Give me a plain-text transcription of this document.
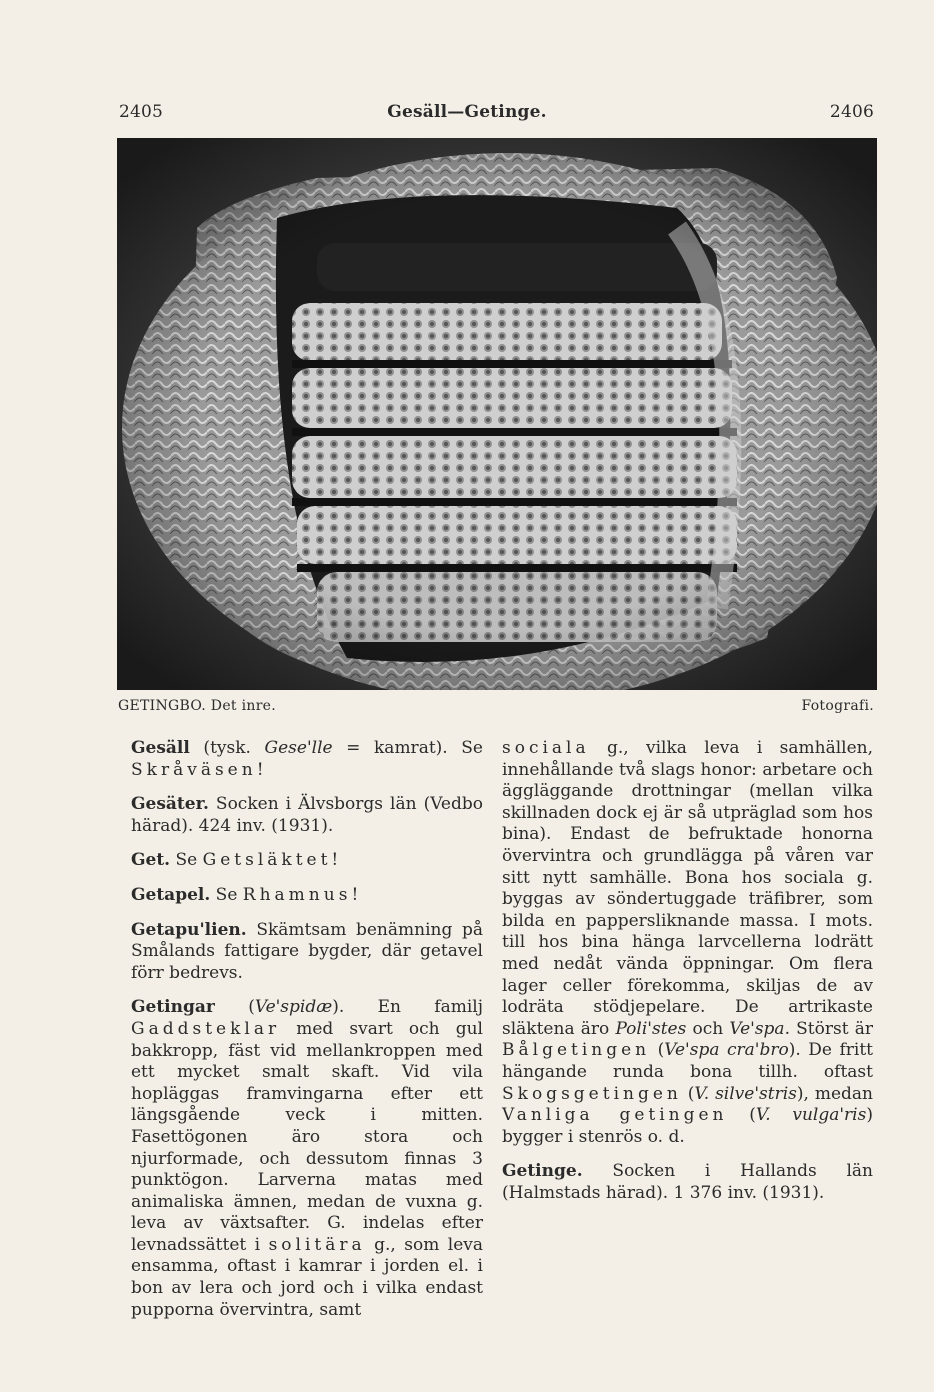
2405	Gesäll—Getinge.	2406
GETINGBO. Det inre.	Fotografi.

Gesäll (tysk. Gese'lle = kamrat). Se Skråväsen!

Gesäter. Socken i Älvsborgs län (Vedbo härad). 424 inv. (1931).

Get. Se Getsläktet!

Getapel. Se Rhamnus!

Getapu'lien. Skämtsam benämning på Smålands fattigare bygder, där getavel förr bedrevs.

Getingar (Ve'spidæ). En familj Gaddsteklar med svart och gul bakkropp, fäst vid mellankroppen med ett mycket smalt skaft. Vid vila hopläggas framvingarna efter ett längsgående veck i mitten. Fasettögonen äro stora och njurformade, och dessutom finnas 3 punktögon. Larverna matas med animaliska ämnen, medan de vuxna g. leva av växtsafter. G. indelas efter levnadssättet i solitära g., som leva ensamma, oftast i kamrar i jorden el. i bon av lera och jord och i vilka endast pupporna övervintra, samt

sociala g., vilka leva i samhällen, innehållande två slags honor: arbetare och äggläggande drottningar (mellan vilka skillnaden dock ej är så utpräglad som hos bina). Endast de befruktade honorna övervintra och grundlägga på våren var sitt nytt samhälle. Bona hos sociala g. byggas av söndertuggade träfibrer, som bilda en pappersliknande massa. I mots. till hos bina hänga larvcellerna lodrätt med nedåt vända öppningar. Om flera lager celler förekomma, skiljas de av lodräta stödjepelare. De artrikaste släktena äro Poli'stes och Ve'spa. Störst är Bålgetingen (Ve'spa cra'bro). De fritt hängande runda bona tillh. oftast Skogsgetingen (V. silve'stris), medan Vanliga getingen (V. vulga'ris) bygger i stenrös o. d.

Getinge. Socken i Hallands län (Halmstads härad). 1 376 inv. (1931).
